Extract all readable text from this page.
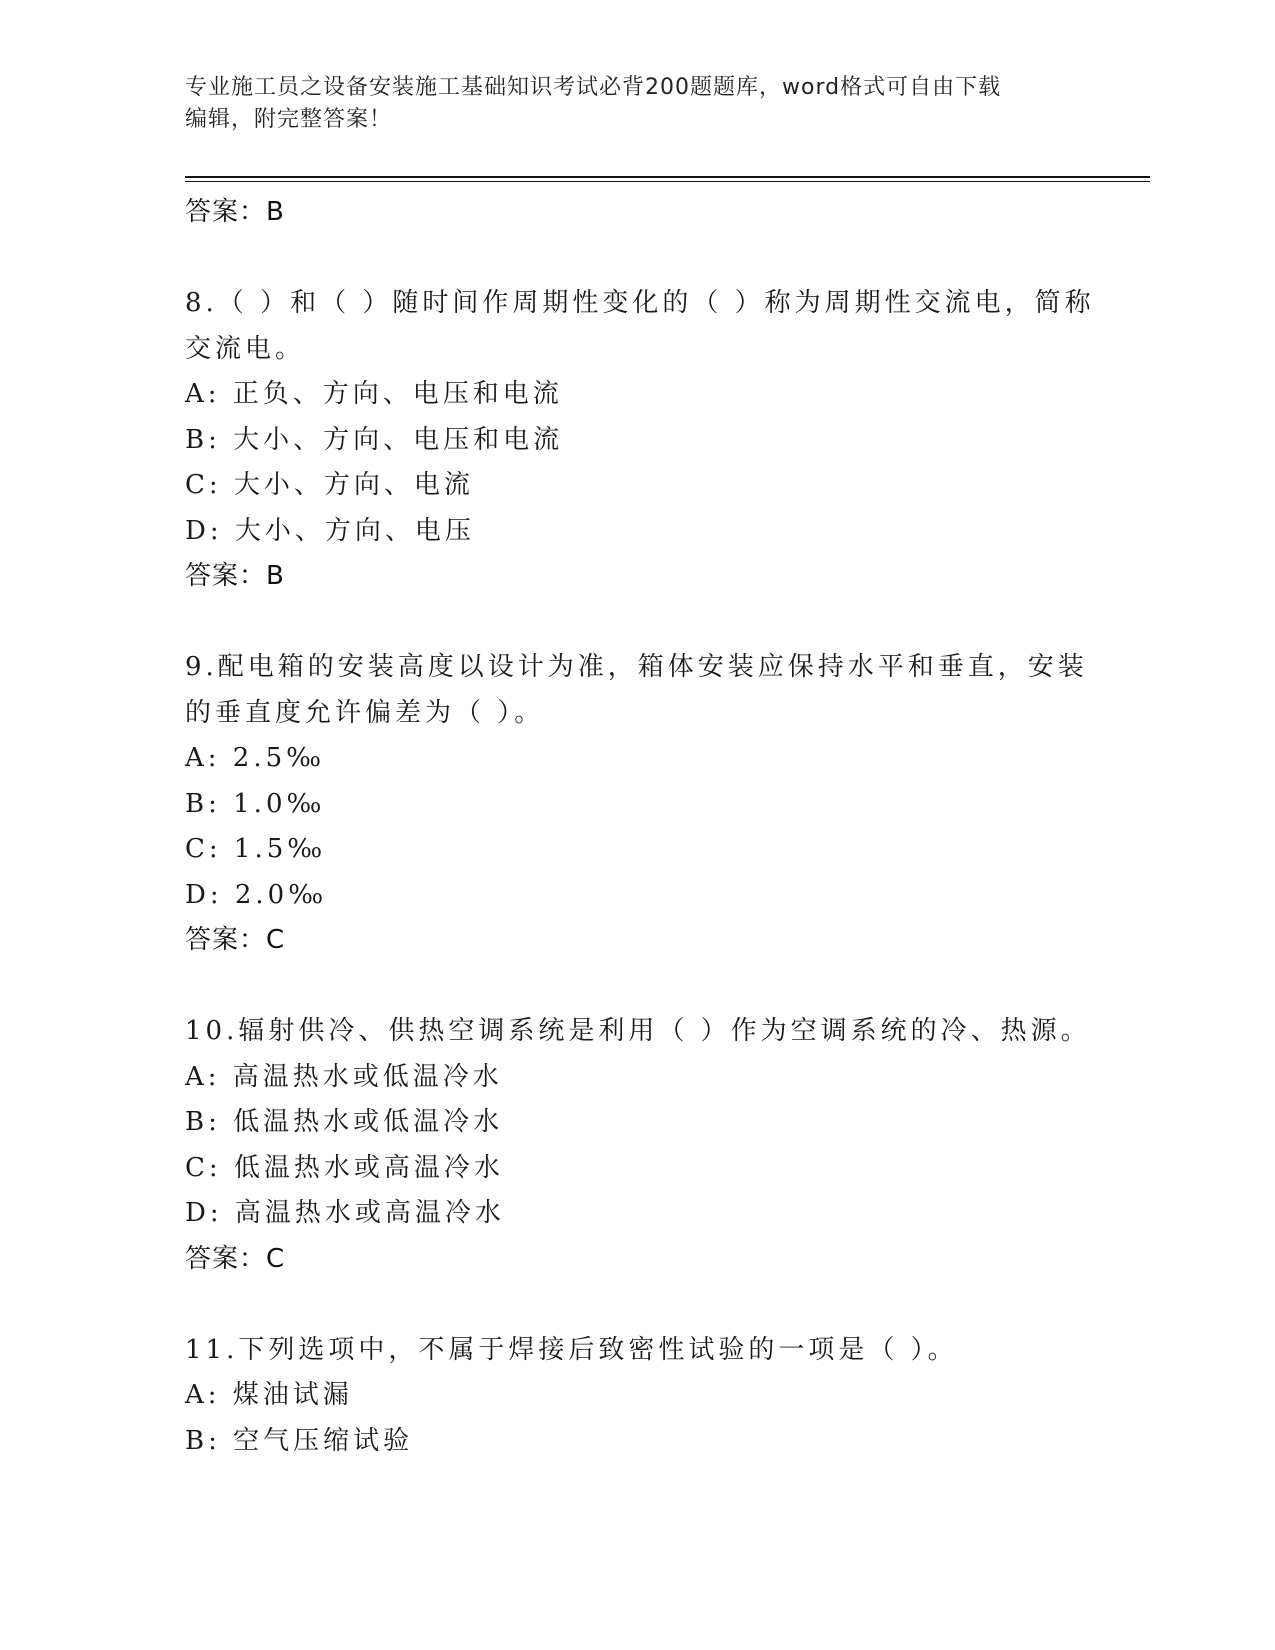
专业施工员之设备安装施工基础知识考试必背200题题库，word格式可自由下载
编辑，附完整答案！
答案：B
8.（ ）和（ ）随时间作周期性变化的（ ）称为周期性交流电，简称
交流电。
A: 正负、方向、电压和电流
B: 大小、方向、电压和电流
C: 大小、方向、电流
D: 大小、方向、电压
答案：B
9.配电箱的安装高度以设计为准，箱体安装应保持水平和垂直，安装
的垂直度允许偏差为（ ）。
A: 2.5‰
B: 1.0‰
C: 1.5‰
D: 2.0‰
答案：C
10.辐射供冷、供热空调系统是利用（ ）作为空调系统的冷、热源。
A: 高温热水或低温冷水
B: 低温热水或低温冷水
C: 低温热水或高温冷水
D: 高温热水或高温冷水
答案：C
11.下列选项中，不属于焊接后致密性试验的一项是（ ）。
A: 煤油试漏
B: 空气压缩试验
